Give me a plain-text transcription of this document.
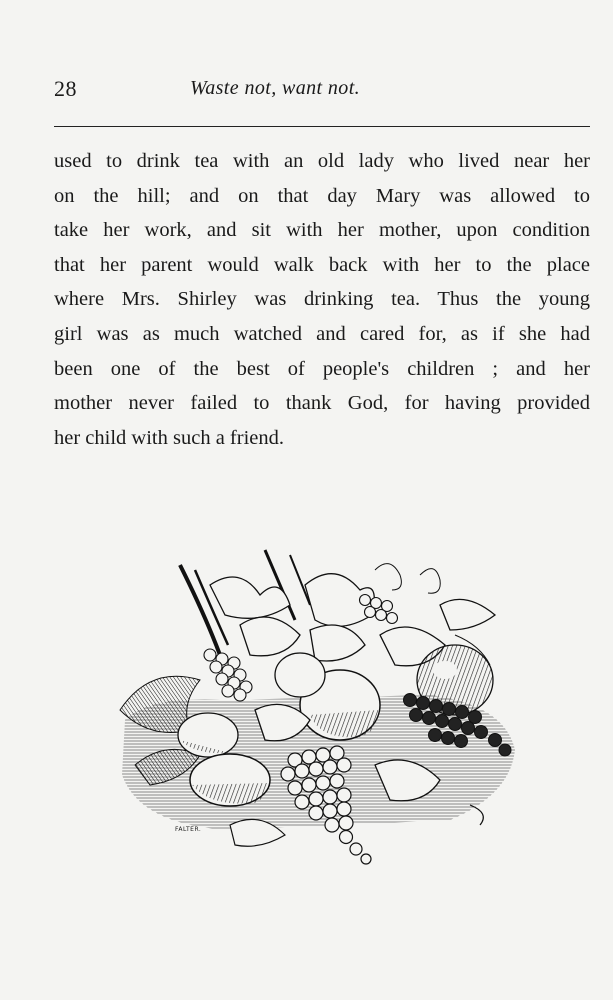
28	Waste not, want not.
used to drink tea with an old lady who lived near her
on the hill; and on that day Mary was allowed to
take her work, and sit with her mother, upon condition
that her parent would walk back with her to the place
where Mrs. Shirley was drinking tea. Thus the young
girl was as much watched and cared for, as if she had
been one of the best of people's children ; and her
mother never failed to thank God, for having provided
her child with such a friend.
FALTER.
